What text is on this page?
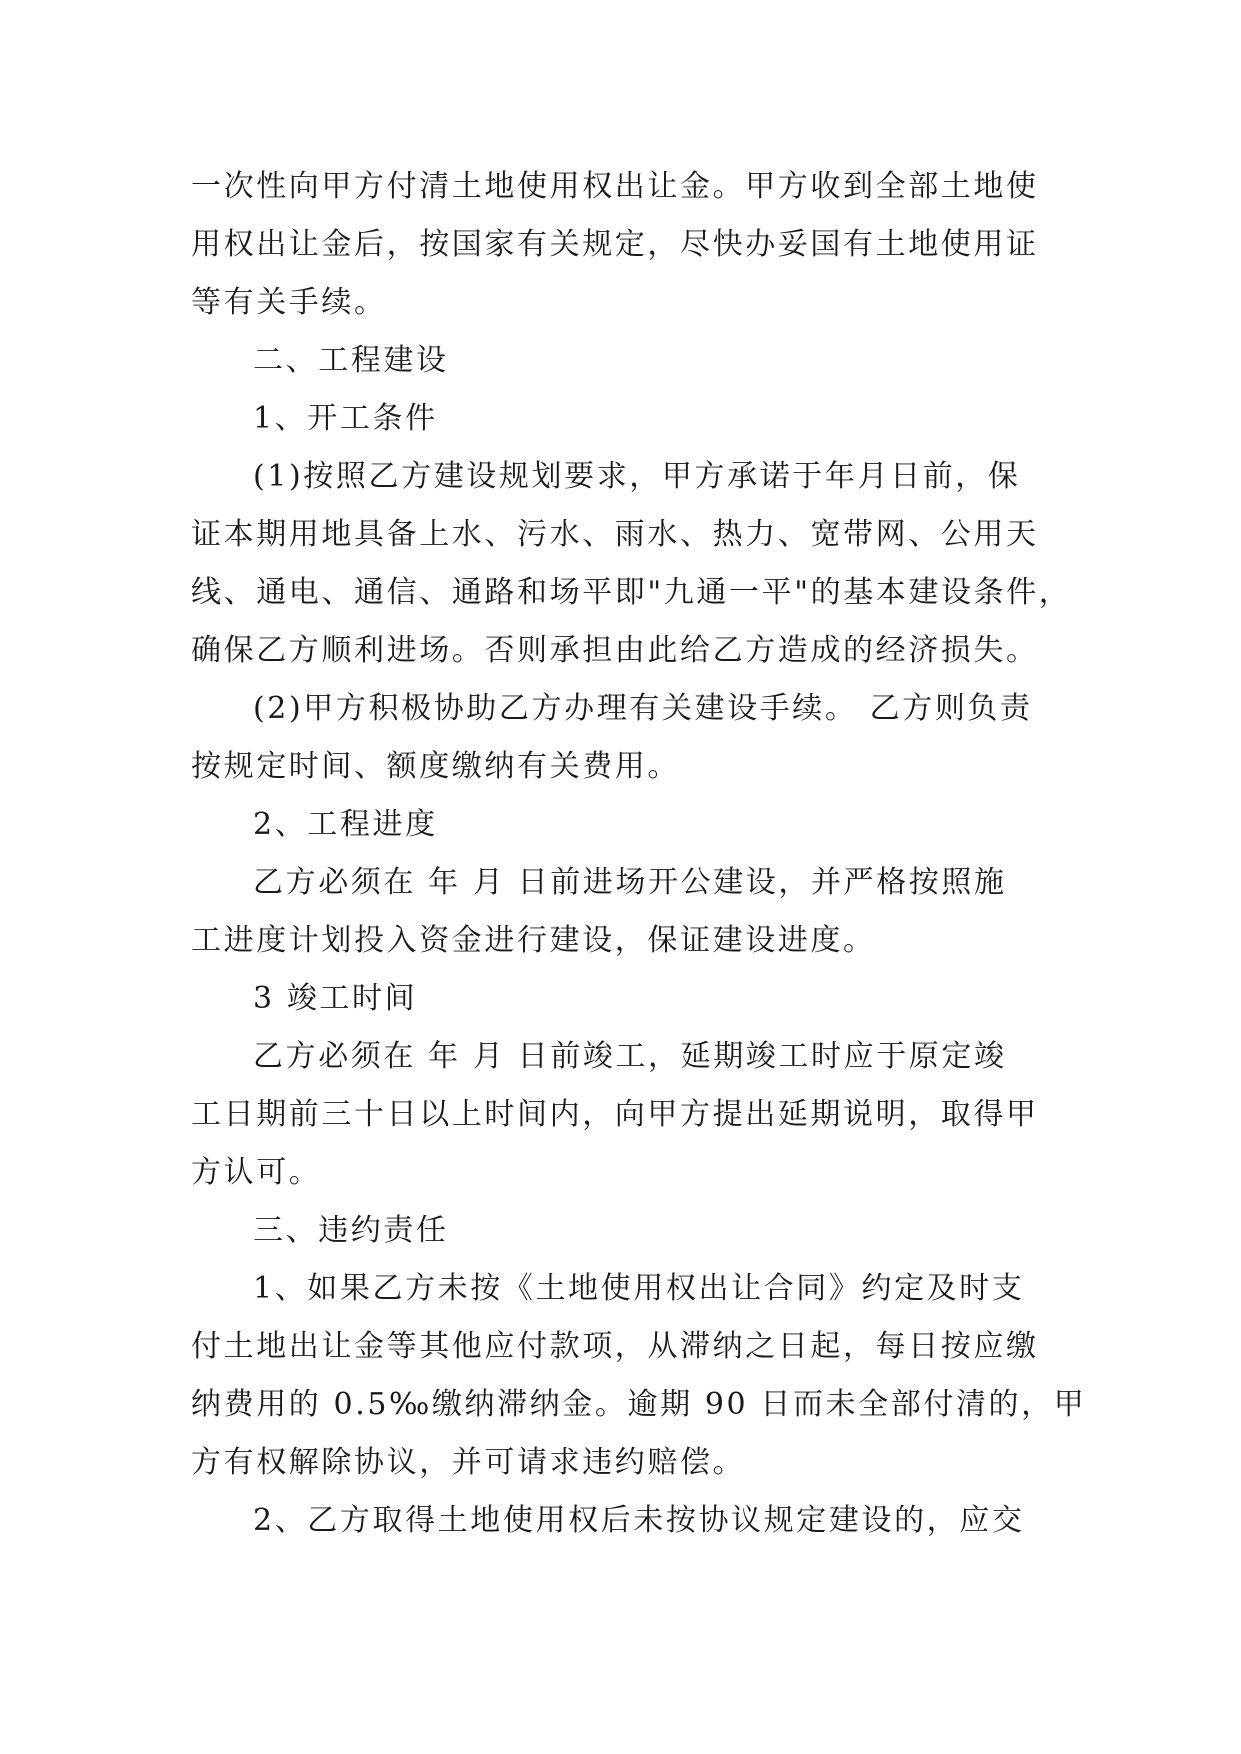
一次性向甲方付清土地使用权出让金。甲方收到全部土地使
用权出让金后，按国家有关规定，尽快办妥国有土地使用证
等有关手续。
二、工程建设
1、开工条件
(1)按照乙方建设规划要求，甲方承诺于年月日前，保
证本期用地具备上水、污水、雨水、热力、宽带网、公用天
线、通电、通信、通路和场平即"九通一平"的基本建设条件，
确保乙方顺利进场。否则承担由此给乙方造成的经济损失。
(2)甲方积极协助乙方办理有关建设手续。 乙方则负责
按规定时间、额度缴纳有关费用。
2、工程进度
乙方必须在 年 月 日前进场开公建设，并严格按照施
工进度计划投入资金进行建设，保证建设进度。
3 竣工时间
乙方必须在 年 月 日前竣工，延期竣工时应于原定竣
工日期前三十日以上时间内，向甲方提出延期说明，取得甲
方认可。
三、违约责任
1、如果乙方未按《土地使用权出让合同》约定及时支
付土地出让金等其他应付款项，从滞纳之日起，每日按应缴
纳费用的 0.5‰缴纳滞纳金。逾期 90 日而未全部付清的，甲
方有权解除协议，并可请求违约赔偿。
2、乙方取得土地使用权后未按协议规定建设的，应交
